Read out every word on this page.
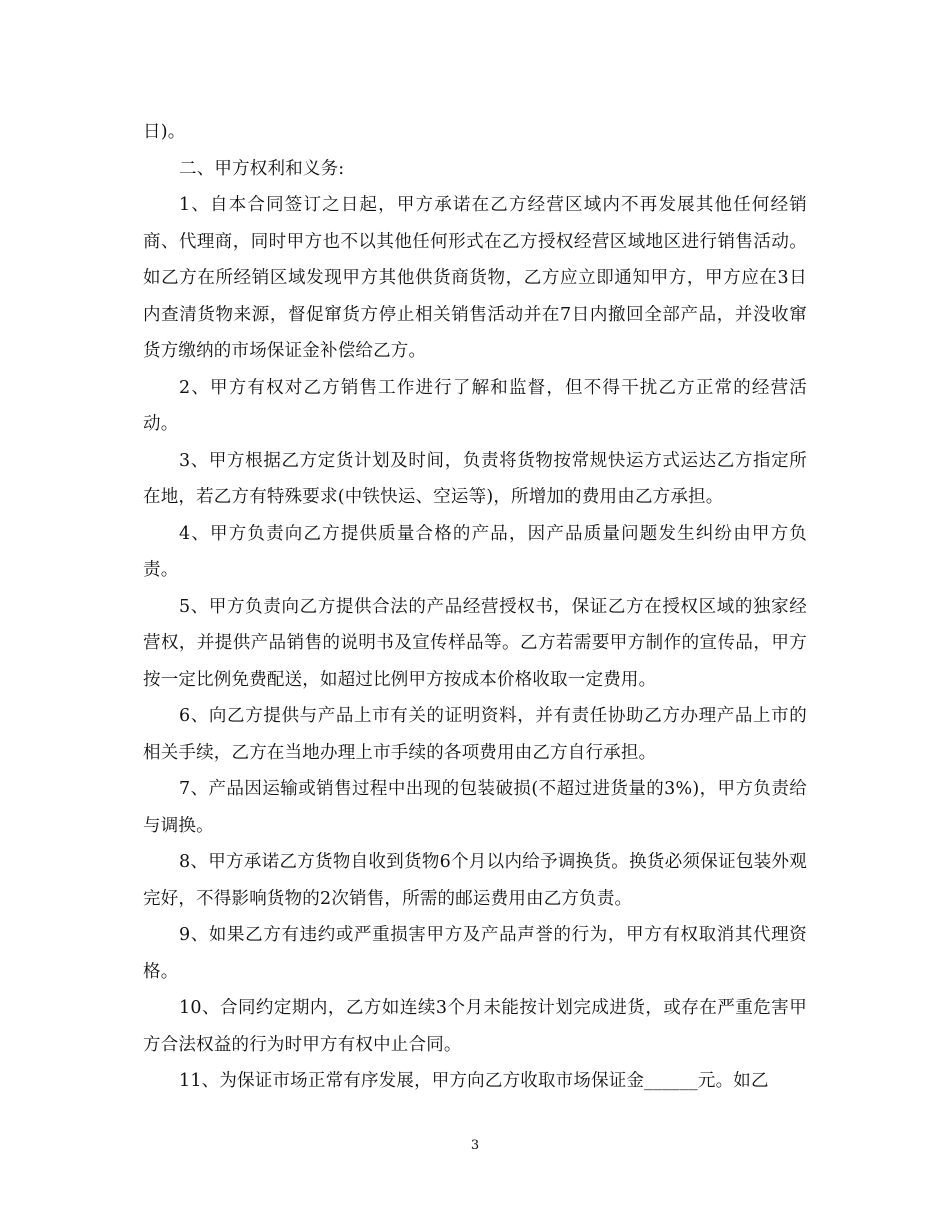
日)。

二、甲方权利和义务:

1、自本合同签订之日起，甲方承诺在乙方经营区域内不再发展其他任何经销商、代理商，同时甲方也不以其他任何形式在乙方授权经营区域地区进行销售活动。如乙方在所经销区域发现甲方其他供货商货物，乙方应立即通知甲方，甲方应在3日内查清货物来源，督促窜货方停止相关销售活动并在7日内撤回全部产品，并没收窜货方缴纳的市场保证金补偿给乙方。

2、甲方有权对乙方销售工作进行了解和监督，但不得干扰乙方正常的经营活动。

3、甲方根据乙方定货计划及时间，负责将货物按常规快运方式运达乙方指定所在地，若乙方有特殊要求(中铁快运、空运等)，所增加的费用由乙方承担。

4、甲方负责向乙方提供质量合格的产品，因产品质量问题发生纠纷由甲方负责。

5、甲方负责向乙方提供合法的产品经营授权书，保证乙方在授权区域的独家经营权，并提供产品销售的说明书及宣传样品等。乙方若需要甲方制作的宣传品，甲方按一定比例免费配送，如超过比例甲方按成本价格收取一定费用。

6、向乙方提供与产品上市有关的证明资料，并有责任协助乙方办理产品上市的相关手续，乙方在当地办理上市手续的各项费用由乙方自行承担。

7、产品因运输或销售过程中出现的包装破损(不超过进货量的3%)，甲方负责给与调换。

8、甲方承诺乙方货物自收到货物6个月以内给予调换货。换货必须保证包装外观完好，不得影响货物的2次销售，所需的邮运费用由乙方负责。

9、如果乙方有违约或严重损害甲方及产品声誉的行为，甲方有权取消其代理资格。

10、合同约定期内，乙方如连续3个月未能按计划完成进货，或存在严重危害甲方合法权益的行为时甲方有权中止合同。

11、为保证市场正常有序发展，甲方向乙方收取市场保证金______元。如乙

3
